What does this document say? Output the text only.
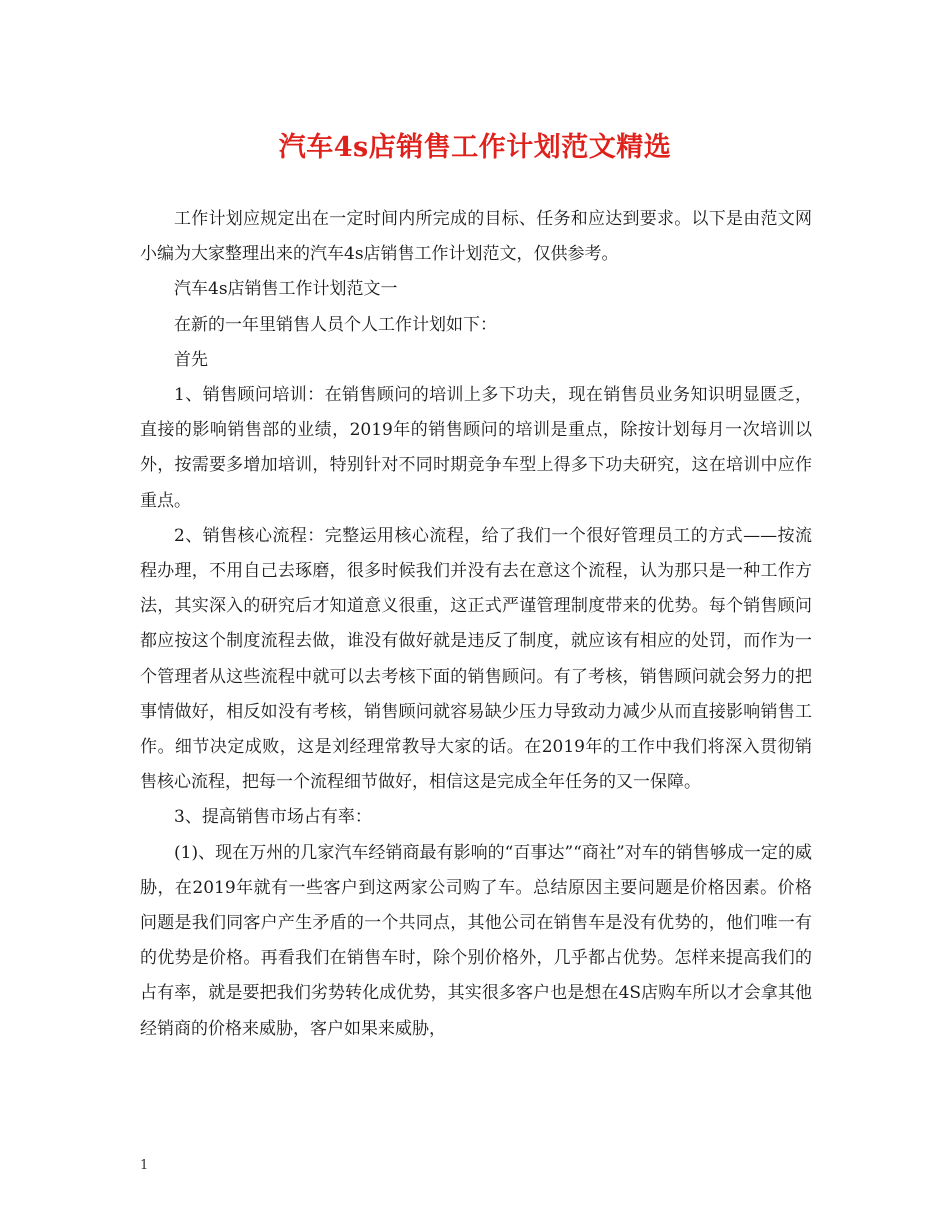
汽车4s店销售工作计划范文精选

工作计划应规定出在一定时间内所完成的目标、任务和应达到要求。以下是由范文网小编为大家整理出来的汽车4s店销售工作计划范文，仅供参考。

汽车4s店销售工作计划范文一

在新的一年里销售人员个人工作计划如下：

首先

1、销售顾问培训：在销售顾问的培训上多下功夫，现在销售员业务知识明显匮乏，直接的影响销售部的业绩，2019年的销售顾问的培训是重点，除按计划每月一次培训以外，按需要多增加培训，特别针对不同时期竞争车型上得多下功夫研究，这在培训中应作重点。

2、销售核心流程：完整运用核心流程，给了我们一个很好管理员工的方式——按流程办理，不用自己去琢磨，很多时候我们并没有去在意这个流程，认为那只是一种工作方法，其实深入的研究后才知道意义很重，这正式严谨管理制度带来的优势。每个销售顾问都应按这个制度流程去做，谁没有做好就是违反了制度，就应该有相应的处罚，而作为一个管理者从这些流程中就可以去考核下面的销售顾问。有了考核，销售顾问就会努力的把事情做好，相反如没有考核，销售顾问就容易缺少压力导致动力减少从而直接影响销售工作。细节决定成败，这是刘经理常教导大家的话。在2019年的工作中我们将深入贯彻销售核心流程，把每一个流程细节做好，相信这是完成全年任务的又一保障。

3、提高销售市场占有率：

(1)、现在万州的几家汽车经销商最有影响的“百事达”“商社”对车的销售够成一定的威胁，在2019年就有一些客户到这两家公司购了车。总结原因主要问题是价格因素。价格问题是我们同客户产生矛盾的一个共同点，其他公司在销售车是没有优势的，他们唯一有的优势是价格。再看我们在销售车时，除个别价格外，几乎都占优势。怎样来提高我们的占有率，就是要把我们劣势转化成优势，其实很多客户也是想在4S店购车所以才会拿其他经销商的价格来威胁，客户如果来威胁，

1
